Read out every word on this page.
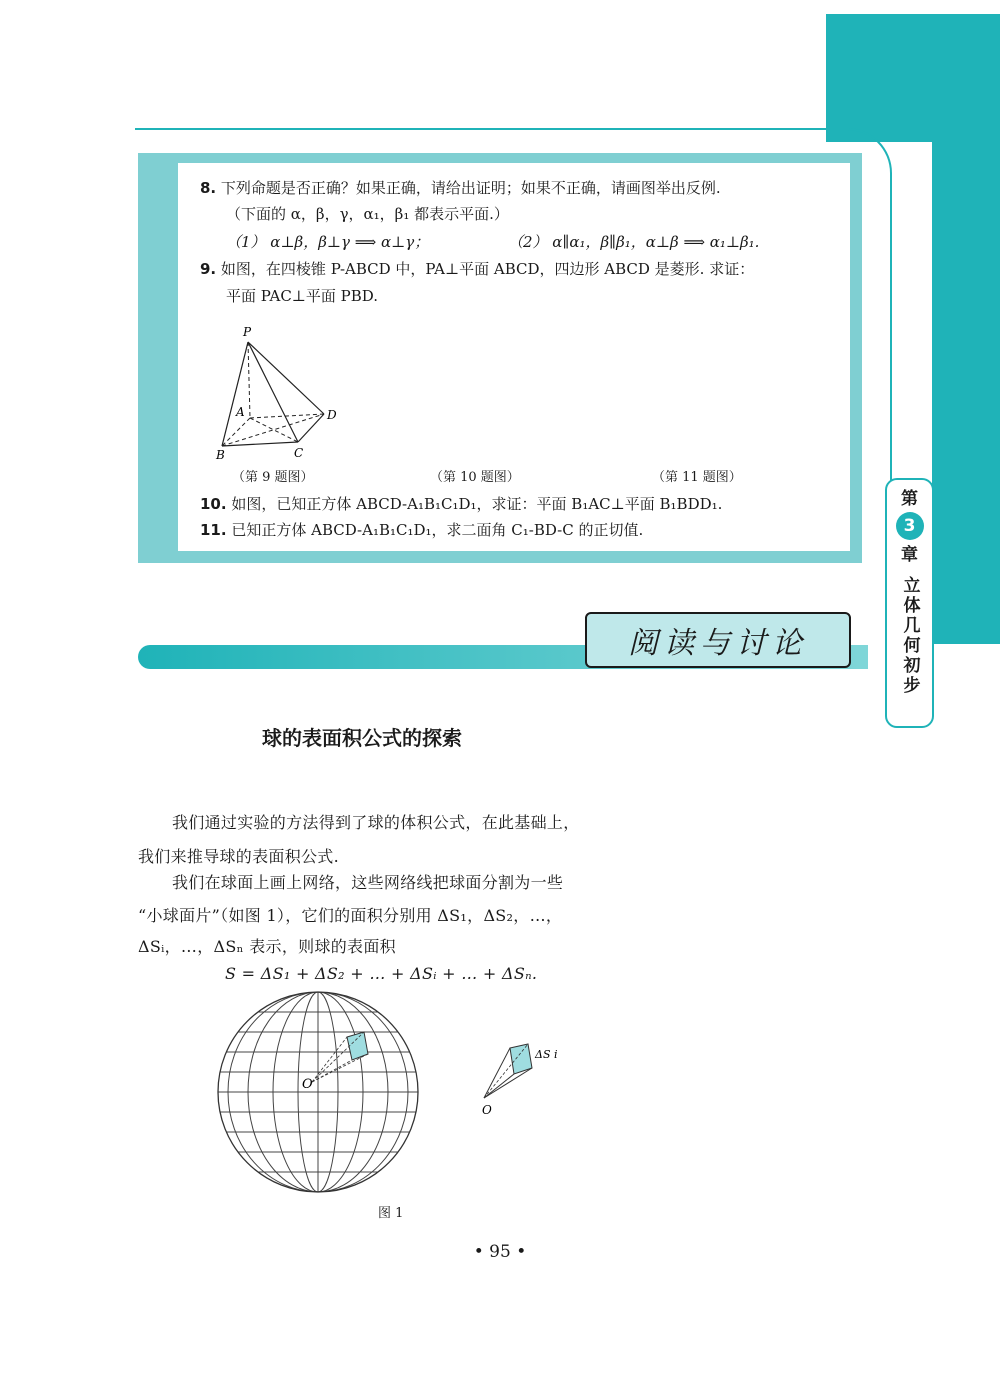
第
3
章
立体几何初步
8. 下列命题是否正确？如果正确，请给出证明；如果不正确，请画图举出反例.
（下面的 α，β，γ，α₁，β₁ 都表示平面.）
（1） α⊥β，β⊥γ ⟹ α⊥γ；	（2） α∥α₁，β∥β₁，α⊥β ⟹ α₁⊥β₁.
9. 如图，在四棱锥 P-ABCD 中，PA⊥平面 ABCD，四边形 ABCD 是菱形. 求证：
平面 PAC⊥平面 PBD.
P
A
B	C
D
（第 9 题图）	（第 10 题图）	（第 11 题图）
10. 如图，已知正方体 ABCD-A₁B₁C₁D₁，求证：平面 B₁AC⊥平面 B₁BDD₁.
11. 已知正方体 ABCD-A₁B₁C₁D₁，求二面角 C₁-BD-C 的正切值.
阅读与讨论
球的表面积公式的探索
我们通过实验的方法得到了球的体积公式，在此基础上，
我们来推导球的表面积公式.
我们在球面上画上网络，这些网络线把球面分割为一些
“小球面片”（如图 1），它们的面积分别用 ΔS₁，ΔS₂，…，
ΔSᵢ，…，ΔSₙ 表示，则球的表面积
S = ΔS₁ + ΔS₂ + … + ΔSᵢ + … + ΔSₙ.
O
ΔS i
O
图 1
• 95 •
